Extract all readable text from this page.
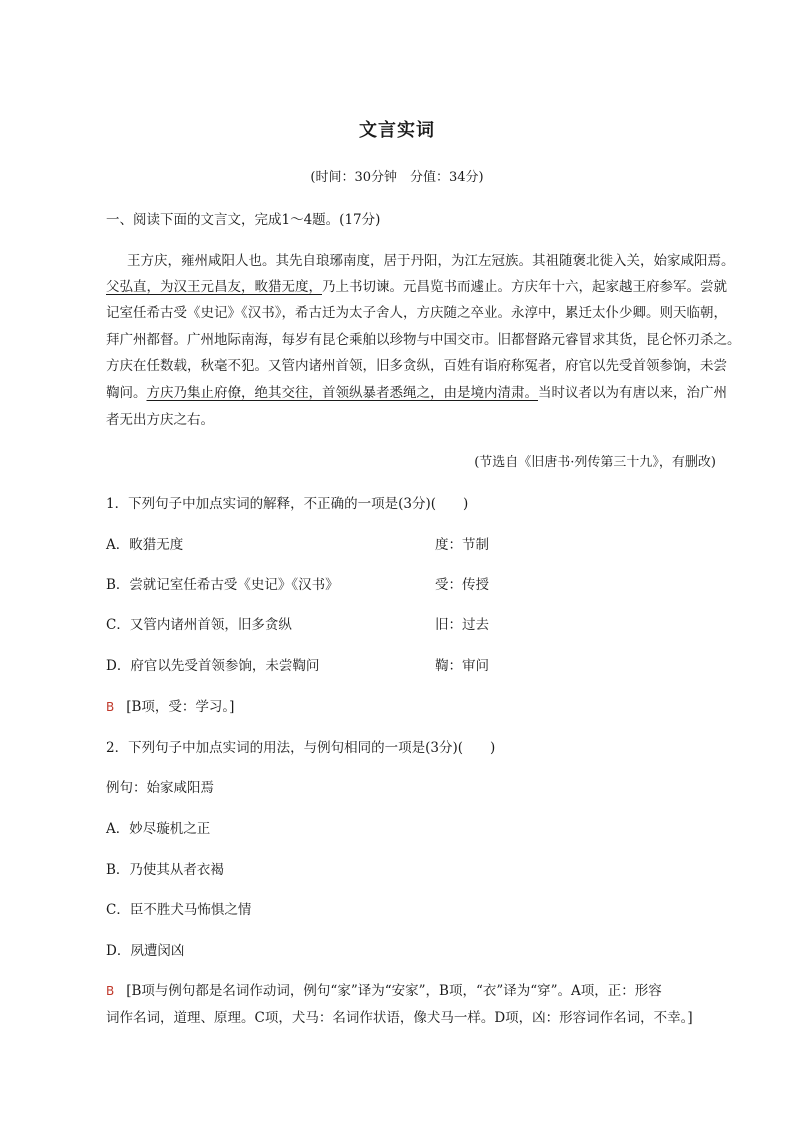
文言实词
(时间：30分钟　分值：34分)
一、阅读下面的文言文，完成1～4题。(17分)
王方庆，雍州咸阳人也。其先自琅琊南度，居于丹阳，为江左冠族。其祖随褒北徙入关，始家咸阳焉。
父弘直，为汉王元昌友，畋猎无度，乃上书切谏。元昌览书而遽止。方庆年十六，起家越王府参军。尝就
记室任希古受《史记》《汉书》，希古迁为太子舍人，方庆随之卒业。永淳中，累迁太仆少卿。则天临朝，
拜广州都督。广州地际南海，每岁有昆仑乘舶以珍物与中国交市。旧都督路元睿冒求其货，昆仑怀刃杀之。
方庆在任数载，秋毫不犯。又管内诸州首领，旧多贪纵，百姓有诣府称冤者，府官以先受首领参饷，未尝
鞫问。方庆乃集止府僚，绝其交往，首领纵暴者悉绳之，由是境内清肃。当时议者以为有唐以来，治广州
者无出方庆之右。
(节选自《旧唐书·列传第三十九》，有删改)
1．下列句子中加点实词的解释，不正确的一项是(3分)(　　)
A．畋猎无度	度：节制
B．尝就记室任希古受《史记》《汉书》	受：传授
C．又管内诸州首领，旧多贪纵	旧：过去
D．府官以先受首领参饷，未尝鞫问	鞫：审问
B [B项，受：学习。]
2．下列句子中加点实词的用法，与例句相同的一项是(3分)(　　)
例句：始家咸阳焉
A．妙尽璇机之正
B．乃使其从者衣褐
C．臣不胜犬马怖惧之情
D．夙遭闵凶
B [B项与例句都是名词作动词，例句“家”译为“安家”，B项，“衣”译为“穿”。A项，正：形容
词作名词，道理、原理。C项，犬马：名词作状语，像犬马一样。D项，凶：形容词作名词，不幸。]
